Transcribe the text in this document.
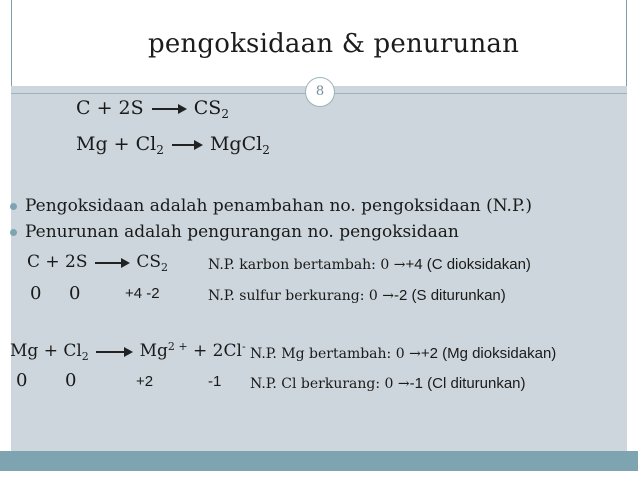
pengoksidaan & penurunan
8
C + 2S	$CS_2$
$Mg + Cl_2$ MgCl$_2$
Pengoksidaan adalah penambahan no. pengoksidaan (N.P.)
Penurunan adalah pengurangan no. pengoksidaan
C + 2S	$CS_2$	N.P. karbon bertambah: 0 →+4 (C dioksidakan)
0 0	+4 -2	N.P. sulfur berkurang: 0 →-2 (S diturunkan)
$Mg + Cl_2$	$Mg^{2 +} + 2Cl^-$ N.P. Mg bertambah: 0 →+2 (Mg dioksidakan)
0 0	+2	-1 N.P. Cl berkurang: 0 →-1 (Cl diturunkan)
